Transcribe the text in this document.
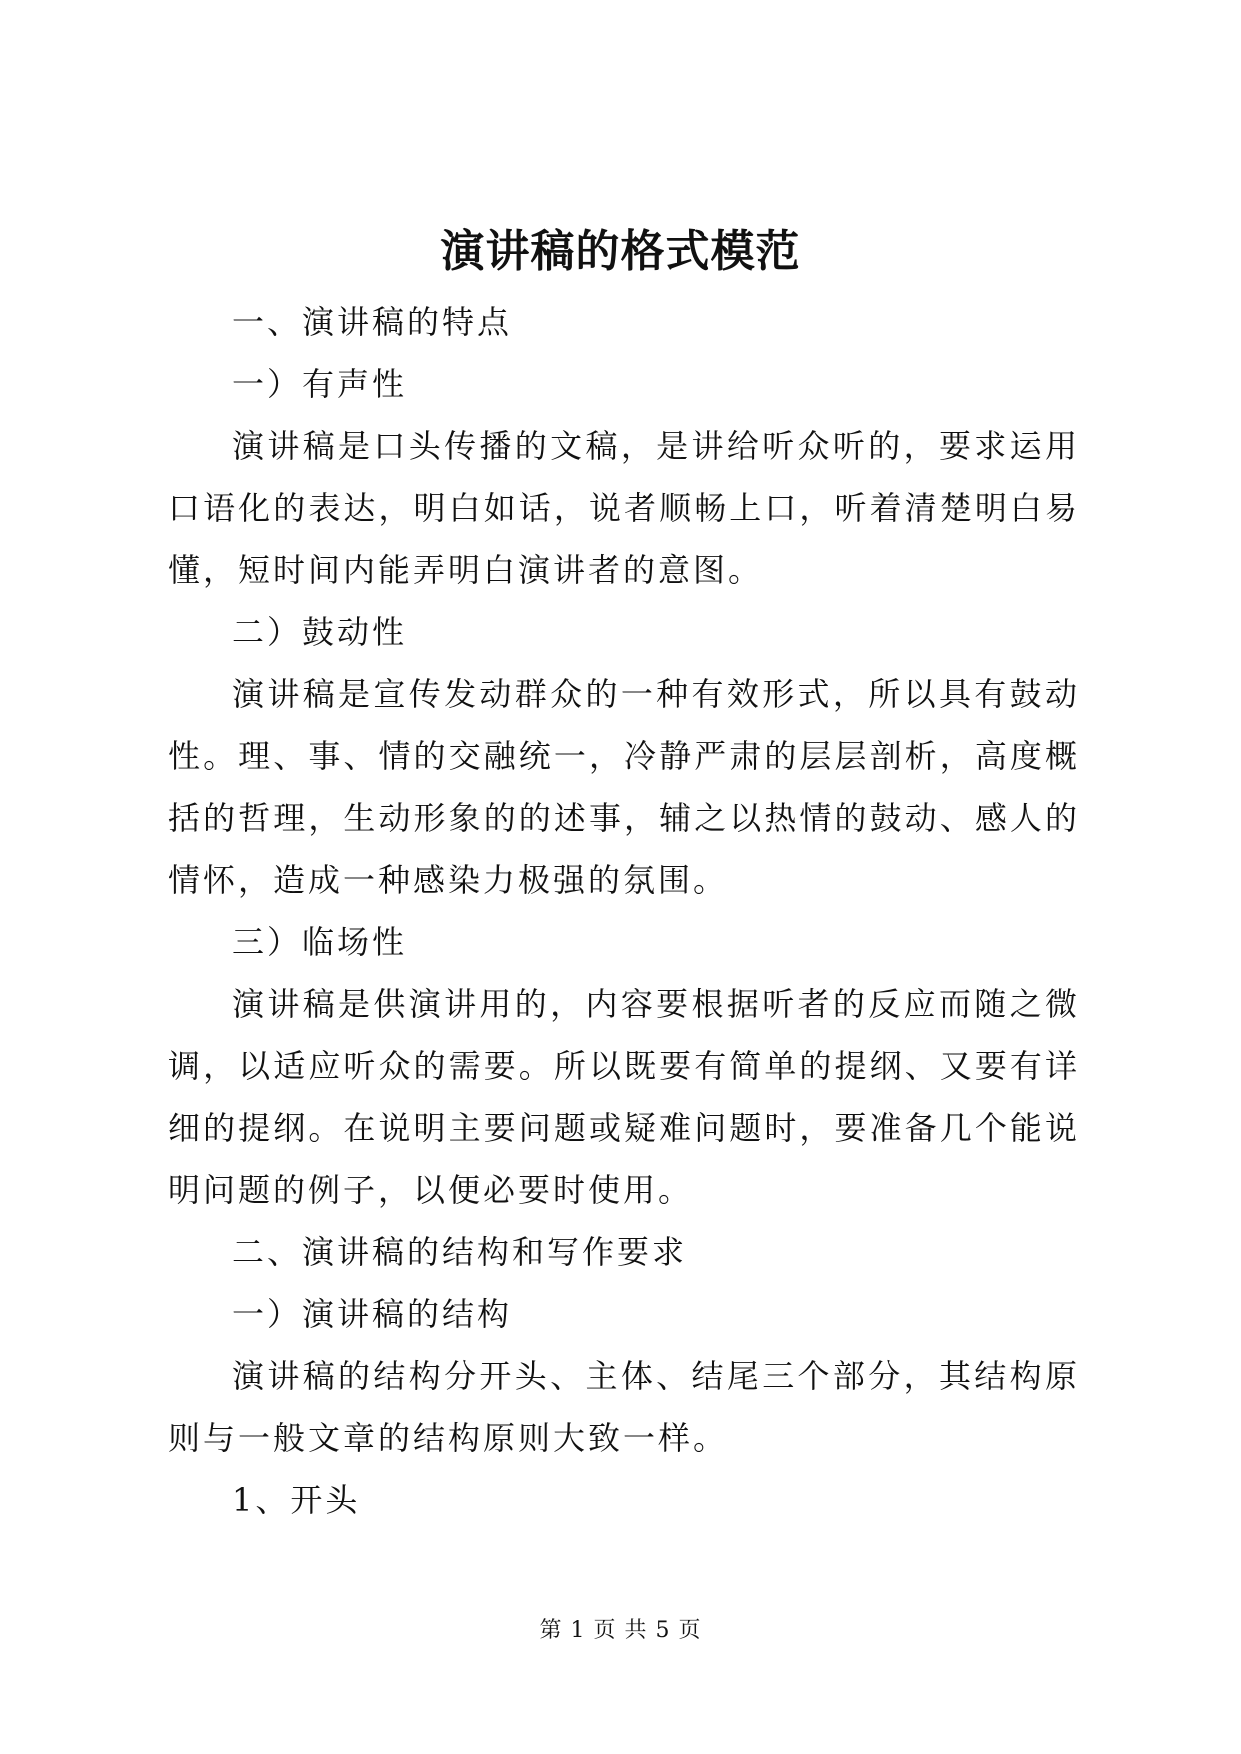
演讲稿的格式模范

一、演讲稿的特点

一）有声性

演讲稿是口头传播的文稿，是讲给听众听的，要求运用口语化的表达，明白如话，说者顺畅上口，听着清楚明白易懂，短时间内能弄明白演讲者的意图。

二）鼓动性

演讲稿是宣传发动群众的一种有效形式，所以具有鼓动性。理、事、情的交融统一，冷静严肃的层层剖析，高度概括的哲理，生动形象的的述事，辅之以热情的鼓动、感人的情怀，造成一种感染力极强的氛围。

三）临场性

演讲稿是供演讲用的，内容要根据听者的反应而随之微调，以适应听众的需要。所以既要有简单的提纲、又要有详细的提纲。在说明主要问题或疑难问题时，要准备几个能说明问题的例子，以便必要时使用。

二、演讲稿的结构和写作要求

一）演讲稿的结构

演讲稿的结构分开头、主体、结尾三个部分，其结构原则与一般文章的结构原则大致一样。

1、开头

第 1 页 共 5 页
